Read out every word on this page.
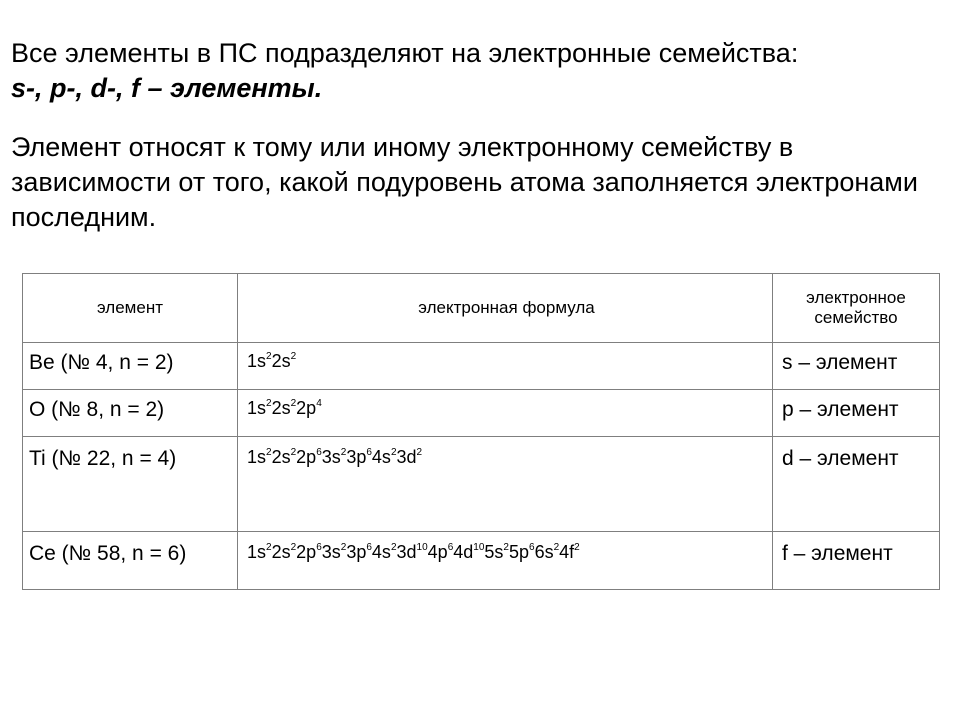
Все элементы в ПС подразделяют на электронные семейства:

s-, p-, d-, f – элементы.

Элемент относят к тому или иному электронному семейству в зависимости от того, какой подуровень атома заполняется электронами последним.

элемент	электронная формула	электронное семейство
Be (№ 4, n = 2)	$1s^22s^2$	s – элемент
O (№ 8, n = 2)	$1s^22s^22p^4$	p – элемент
Ti (№ 22, n = 4)	$1s^22s^22p^63s^23p^64s^23d^2$	d – элемент
Ce (№ 58, n = 6)	$1s^22s^22p^63s^23p^64s^23d^{10}4p^64d^{10}5s^25p^66s^24f^2$	f – элемент
